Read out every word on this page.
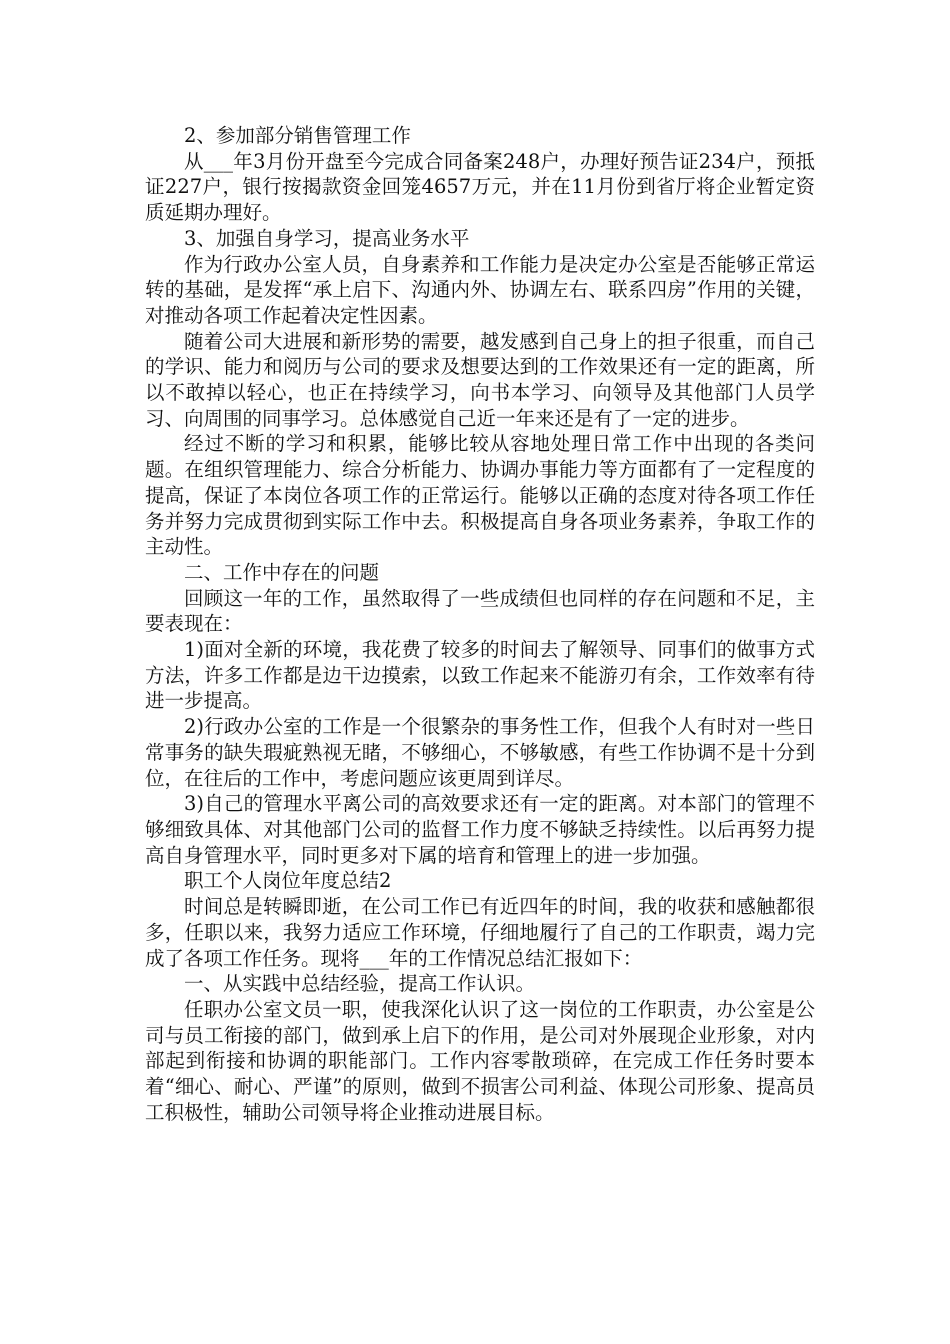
2、参加部分销售管理工作

从___年3月份开盘至今完成合同备案248户，办理好预告证234户，预抵证227户，银行按揭款资金回笼4657万元，并在11月份到省厅将企业暂定资质延期办理好。

3、加强自身学习，提高业务水平

作为行政办公室人员，自身素养和工作能力是决定办公室是否能够正常运转的基础，是发挥“承上启下、沟通内外、协调左右、联系四房”作用的关键，对推动各项工作起着决定性因素。

随着公司大进展和新形势的需要，越发感到自己身上的担子很重，而自己的学识、能力和阅历与公司的要求及想要达到的工作效果还有一定的距离，所以不敢掉以轻心，也正在持续学习，向书本学习、向领导及其他部门人员学习、向周围的同事学习。总体感觉自己近一年来还是有了一定的进步。

经过不断的学习和积累，能够比较从容地处理日常工作中出现的各类问题。在组织管理能力、综合分析能力、协调办事能力等方面都有了一定程度的提高，保证了本岗位各项工作的正常运行。能够以正确的态度对待各项工作任务并努力完成贯彻到实际工作中去。积极提高自身各项业务素养，争取工作的主动性。

二、工作中存在的问题

回顾这一年的工作，虽然取得了一些成绩但也同样的存在问题和不足，主要表现在：

1)面对全新的环境，我花费了较多的时间去了解领导、同事们的做事方式方法，许多工作都是边干边摸索，以致工作起来不能游刃有余，工作效率有待进一步提高。

2)行政办公室的工作是一个很繁杂的事务性工作，但我个人有时对一些日常事务的缺失瑕疵熟视无睹，不够细心，不够敏感，有些工作协调不是十分到位，在往后的工作中，考虑问题应该更周到详尽。

3)自己的管理水平离公司的高效要求还有一定的距离。对本部门的管理不够细致具体、对其他部门公司的监督工作力度不够缺乏持续性。以后再努力提高自身管理水平，同时更多对下属的培育和管理上的进一步加强。

职工个人岗位年度总结2

时间总是转瞬即逝，在公司工作已有近四年的时间，我的收获和感触都很多，任职以来，我努力适应工作环境，仔细地履行了自己的工作职责，竭力完成了各项工作任务。现将___年的工作情况总结汇报如下：

一、从实践中总结经验，提高工作认识。

任职办公室文员一职，使我深化认识了这一岗位的工作职责，办公室是公司与员工衔接的部门，做到承上启下的作用，是公司对外展现企业形象，对内部起到衔接和协调的职能部门。工作内容零散琐碎，在完成工作任务时要本着“细心、耐心、严谨”的原则，做到不损害公司利益、体现公司形象、提高员工积极性，辅助公司领导将企业推动进展目标。
